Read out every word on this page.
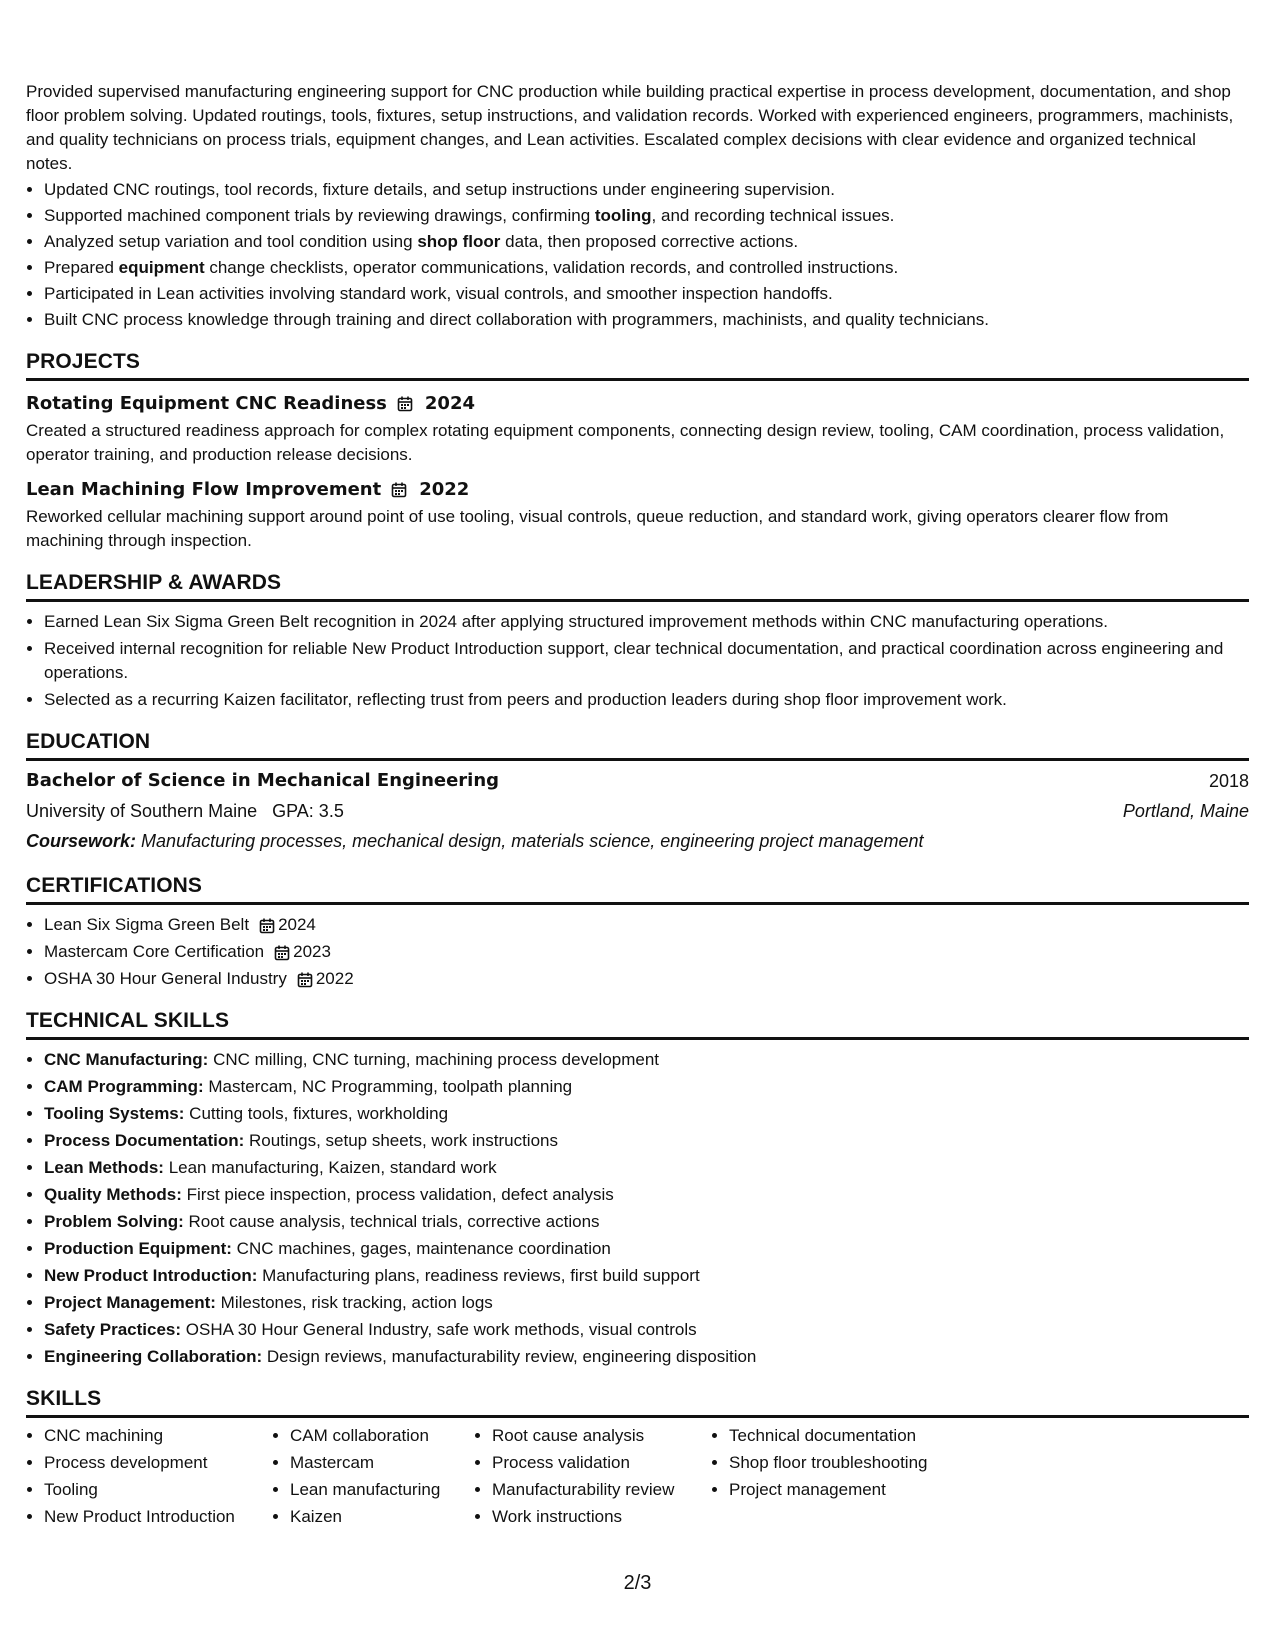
Provided supervised manufacturing engineering support for CNC production while building practical expertise in process development, documentation, and shop floor problem solving. Updated routings, tools, fixtures, setup instructions, and validation records. Worked with experienced engineers, programmers, machinists, and quality technicians on process trials, equipment changes, and Lean activities. Escalated complex decisions with clear evidence and organized technical notes.
• Updated CNC routings, tool records, fixture details, and setup instructions under engineering supervision.
• Supported machined component trials by reviewing drawings, confirming tooling, and recording technical issues.
• Analyzed setup variation and tool condition using shop floor data, then proposed corrective actions.
• Prepared equipment change checklists, operator communications, validation records, and controlled instructions.
• Participated in Lean activities involving standard work, visual controls, and smoother inspection handoffs.
• Built CNC process knowledge through training and direct collaboration with programmers, machinists, and quality technicians.
PROJECTS
Rotating Equipment CNC Readiness 2024
Created a structured readiness approach for complex rotating equipment components, connecting design review, tooling, CAM coordination, process validation, operator training, and production release decisions.
Lean Machining Flow Improvement 2022
Reworked cellular machining support around point of use tooling, visual controls, queue reduction, and standard work, giving operators clearer flow from machining through inspection.
LEADERSHIP & AWARDS
• Earned Lean Six Sigma Green Belt recognition in 2024 after applying structured improvement methods within CNC manufacturing operations.
• Received internal recognition for reliable New Product Introduction support, clear technical documentation, and practical coordination across engineering and operations.
• Selected as a recurring Kaizen facilitator, reflecting trust from peers and production leaders during shop floor improvement work.
EDUCATION
Bachelor of Science in Mechanical Engineering	2018
University of Southern Maine GPA: 3.5	Portland, Maine
Coursework: Manufacturing processes, mechanical design, materials science, engineering project management
CERTIFICATIONS
• Lean Six Sigma Green Belt 2024
• Mastercam Core Certification 2023
• OSHA 30 Hour General Industry 2022
TECHNICAL SKILLS
• CNC Manufacturing: CNC milling, CNC turning, machining process development
• CAM Programming: Mastercam, NC Programming, toolpath planning
• Tooling Systems: Cutting tools, fixtures, workholding
• Process Documentation: Routings, setup sheets, work instructions
• Lean Methods: Lean manufacturing, Kaizen, standard work
• Quality Methods: First piece inspection, process validation, defect analysis
• Problem Solving: Root cause analysis, technical trials, corrective actions
• Production Equipment: CNC machines, gages, maintenance coordination
• New Product Introduction: Manufacturing plans, readiness reviews, first build support
• Project Management: Milestones, risk tracking, action logs
• Safety Practices: OSHA 30 Hour General Industry, safe work methods, visual controls
• Engineering Collaboration: Design reviews, manufacturability review, engineering disposition
SKILLS
• CNC machining
• Process development
• Tooling
• New Product Introduction
• CAM collaboration
• Mastercam
• Lean manufacturing
• Kaizen
• Root cause analysis
• Process validation
• Manufacturability review
• Work instructions
• Technical documentation
• Shop floor troubleshooting
• Project management
2/3
